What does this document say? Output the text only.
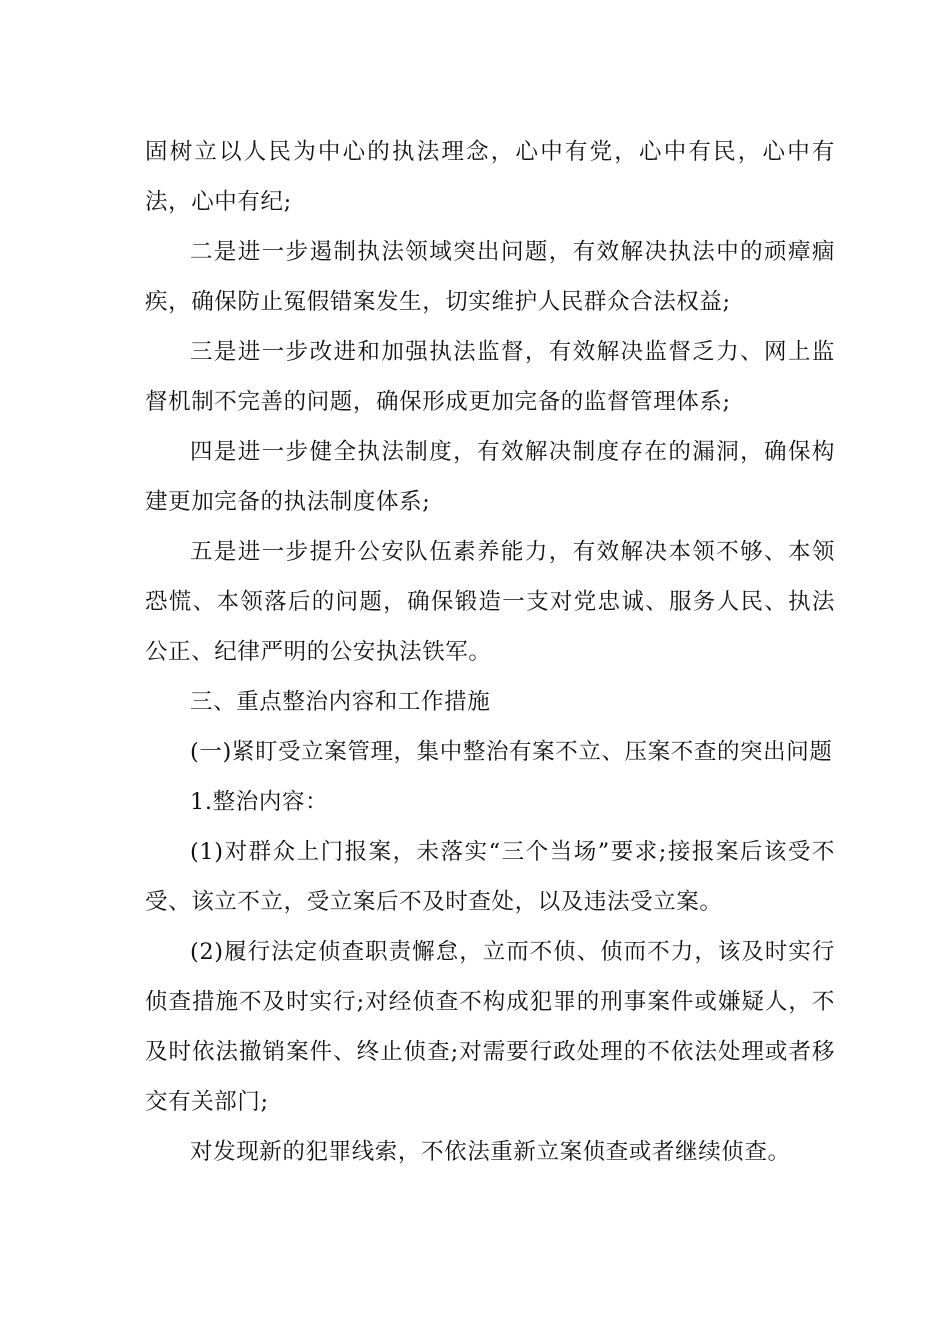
固树立以人民为中心的执法理念，心中有党，心中有民，心中有法，心中有纪;

二是进一步遏制执法领域突出问题，有效解决执法中的顽瘴痼疾，确保防止冤假错案发生，切实维护人民群众合法权益;

三是进一步改进和加强执法监督，有效解决监督乏力、网上监督机制不完善的问题，确保形成更加完备的监督管理体系;

四是进一步健全执法制度，有效解决制度存在的漏洞，确保构建更加完备的执法制度体系;

五是进一步提升公安队伍素养能力，有效解决本领不够、本领恐慌、本领落后的问题，确保锻造一支对党忠诚、服务人民、执法公正、纪律严明的公安执法铁军。

三、重点整治内容和工作措施

(一)紧盯受立案管理，集中整治有案不立、压案不查的突出问题

1.整治内容：

(1)对群众上门报案，未落实“三个当场”要求;接报案后该受不受、该立不立，受立案后不及时查处，以及违法受立案。

(2)履行法定侦查职责懈怠，立而不侦、侦而不力，该及时实行侦查措施不及时实行;对经侦查不构成犯罪的刑事案件或嫌疑人，不及时依法撤销案件、终止侦查;对需要行政处理的不依法处理或者移交有关部门;

对发现新的犯罪线索，不依法重新立案侦查或者继续侦查。
